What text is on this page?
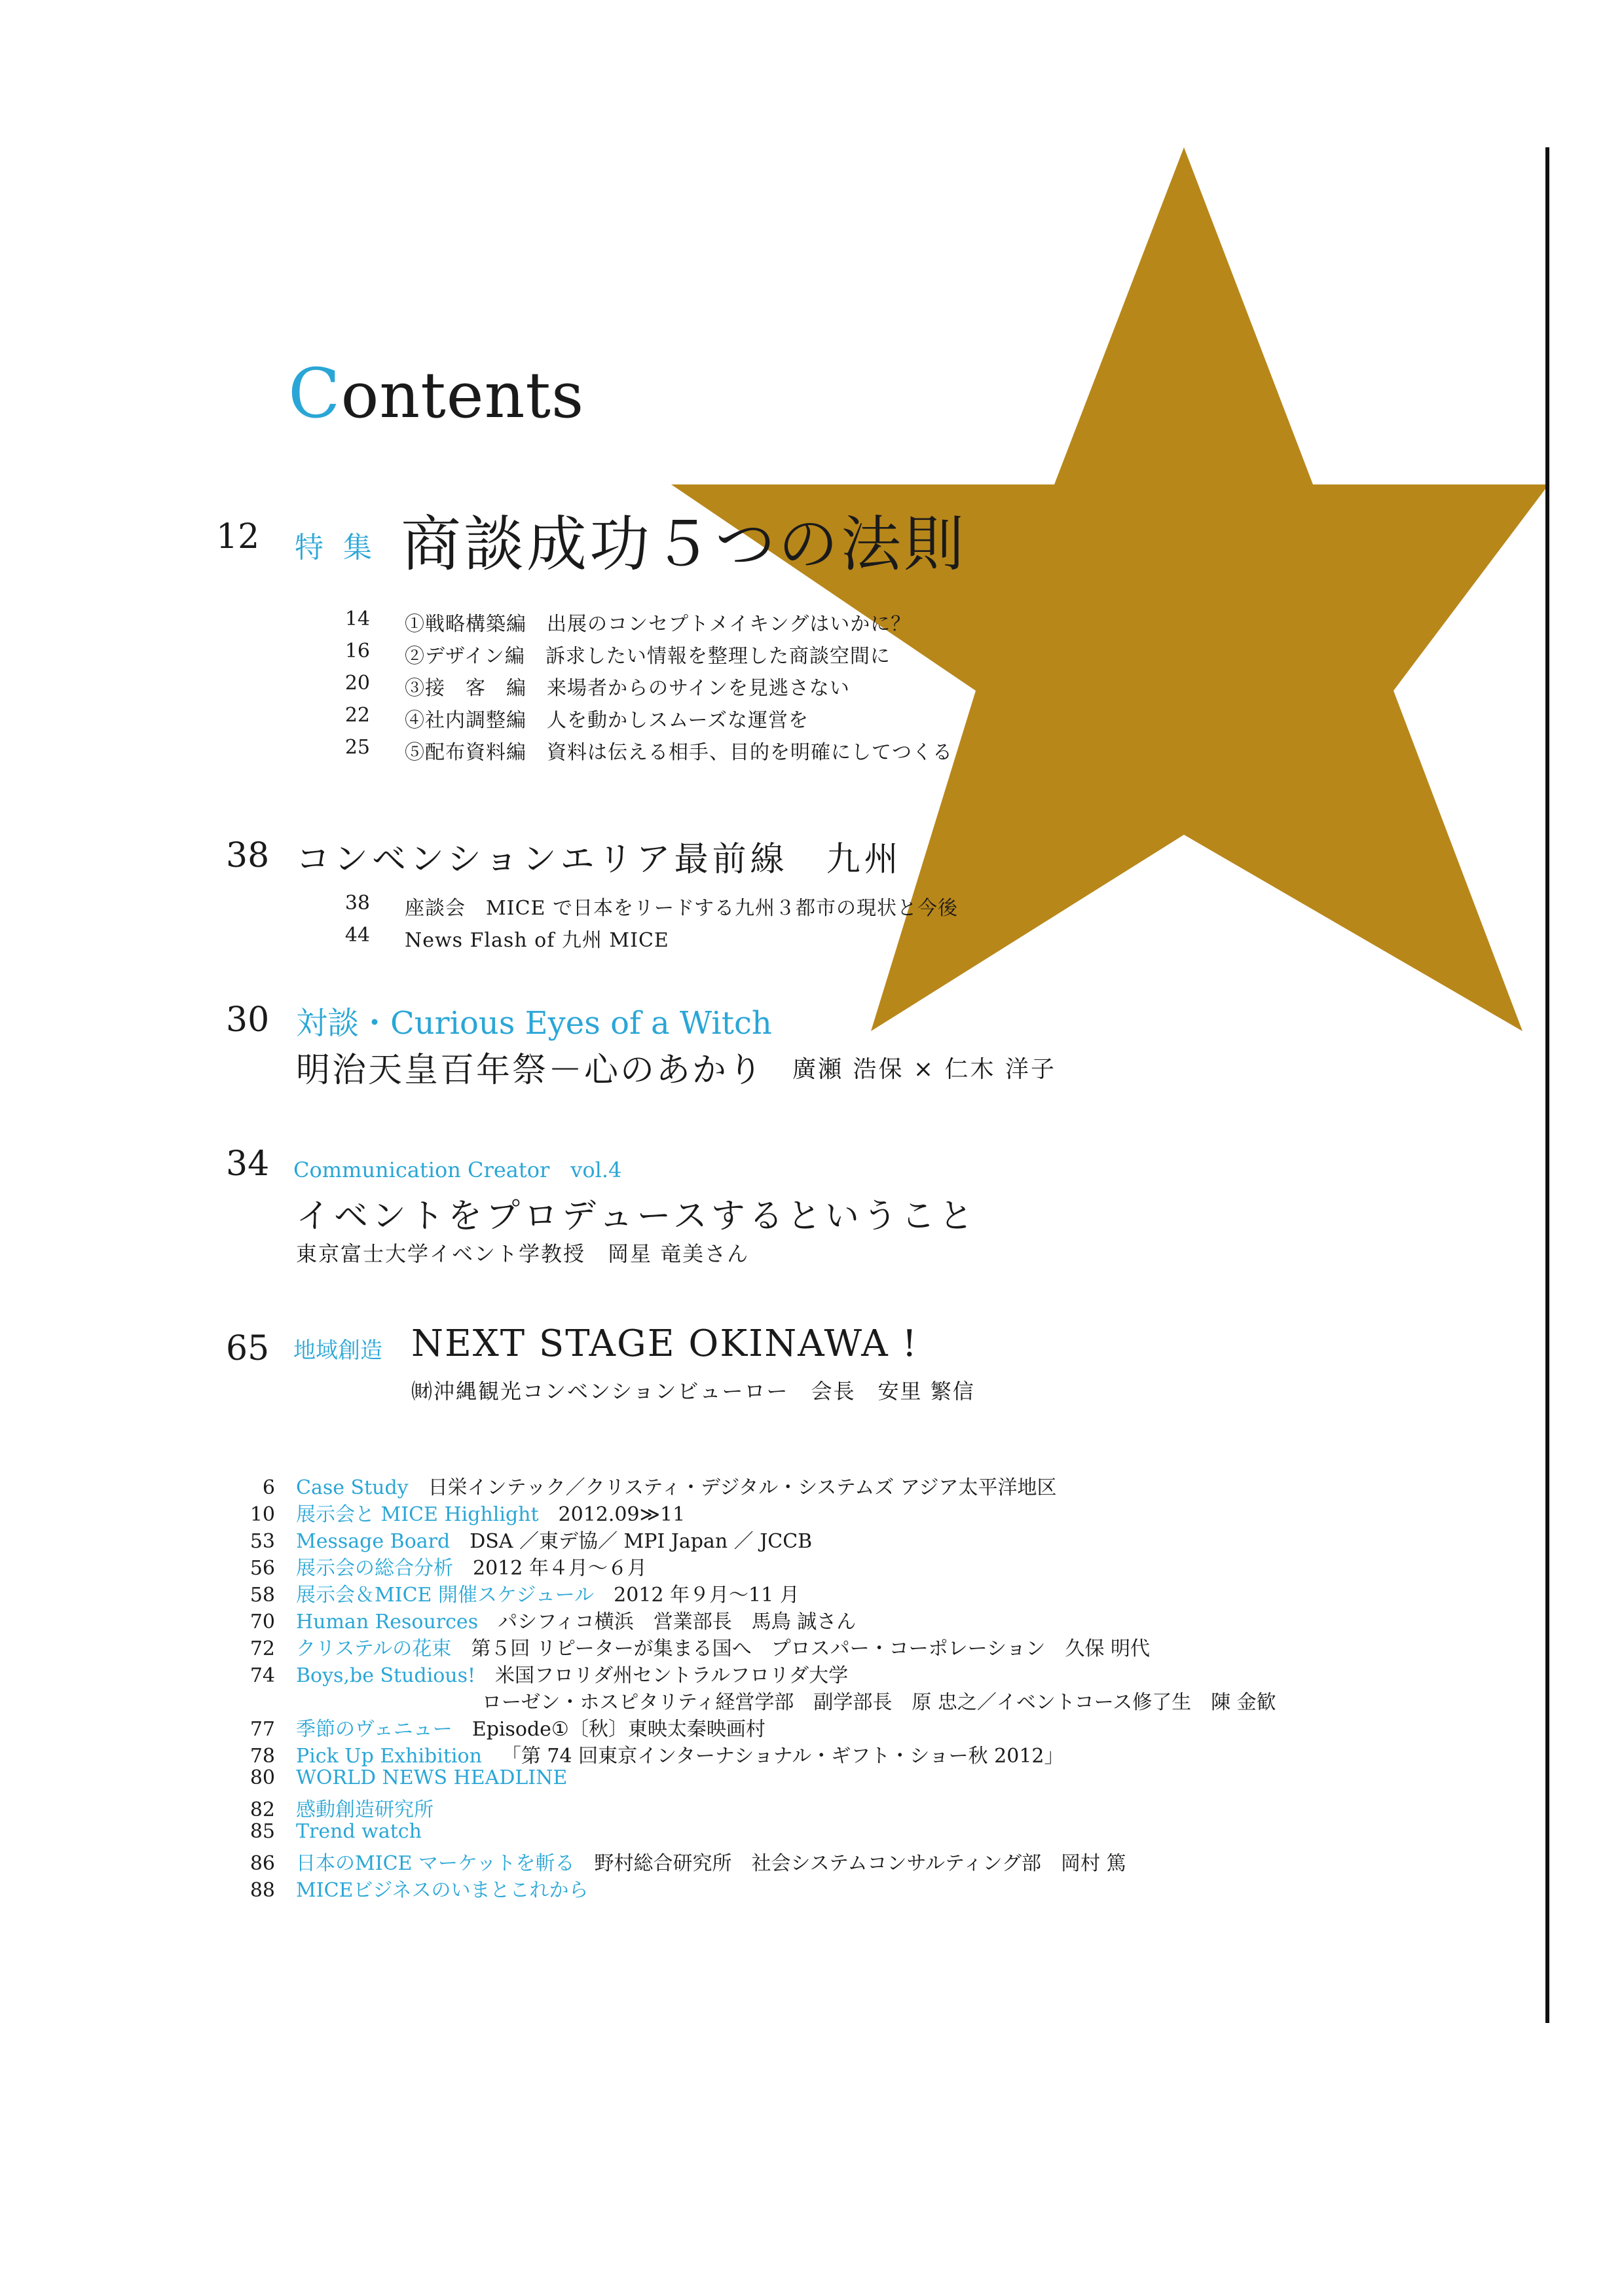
Contents
12 特 集 商談成功５つの法則
14 ①戦略構築編　出展のコンセプトメイキングはいかに？
16 ②デザイン編　訴求したい情報を整理した商談空間に
20 ③接　客　編　来場者からのサインを見逃さない
22 ④社内調整編　人を動かしスムーズな運営を
25 ⑤配布資料編　資料は伝える相手、目的を明確にしてつくる
38 コンベンションエリア最前線　九州
38 座談会　MICE で日本をリードする九州３都市の現状と今後
44 News Flash of 九州 MICE
30 対談・Curious Eyes of a Witch
明治天皇百年祭－心のあかり 廣瀬 浩保 × 仁木 洋子
34 Communication Creator　vol.4
イベントをプロデュースするということ
東京富士大学イベント学教授　岡星 竜美さん
65 地域創造 NEXT STAGE OKINAWA !
㈶沖縄観光コンベンションビューロー　会長　安里 繁信
6 Case Study 日栄インテック／クリスティ・デジタル・システムズ アジア太平洋地区
10 展示会と MICE Highlight 2012.09≫11
53 Message Board DSA ／東デ協／ MPI Japan ／ JCCB
56 展示会の総合分析 2012 年４月～６月
58 展示会＆MICE 開催スケジュール 2012 年９月～11 月
70 Human Resources パシフィコ横浜　営業部長　馬鳥 誠さん
72 クリステルの花束 第５回 リピーターが集まる国へ　プロスパー・コーポレーション　久保 明代
74 Boys,be Studious! 米国フロリダ州セントラルフロリダ大学
ローゼン・ホスピタリティ経営学部　副学部長　原 忠之／イベントコース修了生　陳 金歓
77 季節のヴェニュー Episode①〔秋〕東映太秦映画村
78 Pick Up Exhibition 「第 74 回東京インターナショナル・ギフト・ショー秋 2012」
80 WORLD NEWS HEADLINE
82 感動創造研究所
85 Trend watch
86 日本のMICE マーケットを斬る 野村総合研究所　社会システムコンサルティング部　岡村 篤
88 MICEビジネスのいまとこれから
